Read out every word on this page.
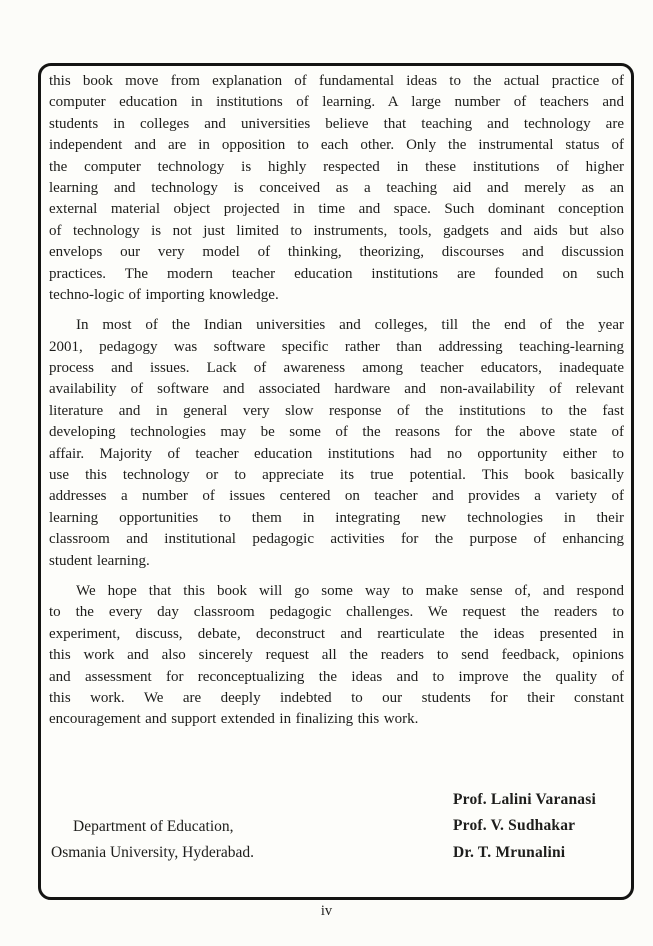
this book move from explanation of fundamental ideas to the actual practice of
computer education in institutions of learning. A large number of teachers and
students in colleges and universities believe that teaching and technology are
independent and are in opposition to each other. Only the instrumental status of
the computer technology is highly respected in these institutions of higher
learning and technology is conceived as a teaching aid and merely as an
external material object projected in time and space. Such dominant conception
of technology is not just limited to instruments, tools, gadgets and aids but also
envelops our very model of thinking, theorizing, discourses and discussion
practices. The modern teacher education institutions are founded on such
techno-logic of importing knowledge.
In most of the Indian universities and colleges, till the end of the year
2001, pedagogy was software specific rather than addressing teaching-learning
process and issues. Lack of awareness among teacher educators, inadequate
availability of software and associated hardware and non-availability of relevant
literature and in general very slow response of the institutions to the fast
developing technologies may be some of the reasons for the above state of
affair. Majority of teacher education institutions had no opportunity either to
use this technology or to appreciate its true potential. This book basically
addresses a number of issues centered on teacher and provides a variety of
learning opportunities to them in integrating new technologies in their
classroom and institutional pedagogic activities for the purpose of enhancing
student learning.
We hope that this book will go some way to make sense of, and respond
to the every day classroom pedagogic challenges. We request the readers to
experiment, discuss, debate, deconstruct and rearticulate the ideas presented in
this work and also sincerely request all the readers to send feedback, opinions
and assessment for reconceptualizing the ideas and to improve the quality of
this work. We are deeply indebted to our students for their constant
encouragement and support extended in finalizing this work.
Department of Education,
Osmania University, Hyderabad.
Prof. Lalini Varanasi
Prof. V. Sudhakar
Dr. T. Mrunalini
iv
